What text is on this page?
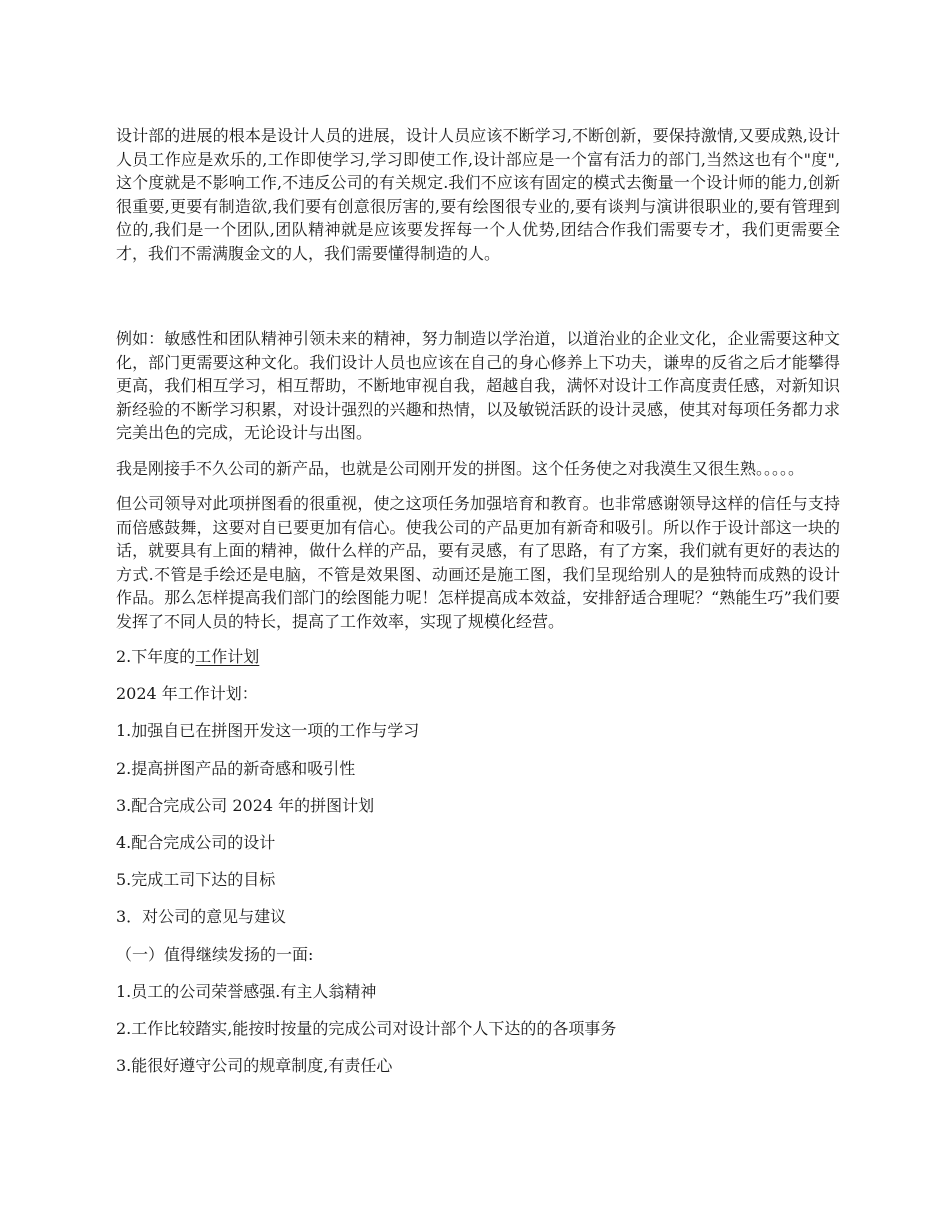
设计部的进展的根本是设计人员的进展，设计人员应该不断学习,不断创新，要保持激情,又要成熟,设计人员工作应是欢乐的,工作即使学习,学习即使工作,设计部应是一个富有活力的部门,当然这也有个"度",这个度就是不影响工作,不违反公司的有关规定.我们不应该有固定的模式去衡量一个设计师的能力,创新很重要,更要有制造欲,我们要有创意很厉害的,要有绘图很专业的,要有谈判与演讲很职业的,要有管理到位的,我们是一个团队,团队精神就是应该要发挥每一个人优势,团结合作我们需要专才，我们更需要全才，我们不需满腹金文的人，我们需要懂得制造的人。

例如：敏感性和团队精神引领未来的精神，努力制造以学治道，以道治业的企业文化，企业需要这种文化，部门更需要这种文化。我们设计人员也应该在自己的身心修养上下功夫，谦卑的反省之后才能攀得更高，我们相互学习，相互帮助，不断地审视自我，超越自我，满怀对设计工作高度责任感，对新知识新经验的不断学习积累，对设计强烈的兴趣和热情，以及敏锐活跃的设计灵感，使其对每项任务都力求完美出色的完成，无论设计与出图。

我是刚接手不久公司的新产品，也就是公司刚开发的拼图。这个任务使之对我漠生又很生熟。。。。。

但公司领导对此项拼图看的很重视，使之这项任务加强培育和教育。也非常感谢领导这样的信任与支持而倍感鼓舞，这要对自已要更加有信心。使我公司的产品更加有新奇和吸引。所以作于设计部这一块的话，就要具有上面的精神，做什么样的产品，要有灵感，有了思路，有了方案，我们就有更好的表达的方式.不管是手绘还是电脑，不管是效果图、动画还是施工图，我们呈现给别人的是独特而成熟的设计作品。那么怎样提高我们部门的绘图能力呢！怎样提高成本效益，安排舒适合理呢？“熟能生巧”我们要发挥了不同人员的特长，提高了工作效率，实现了规模化经营。

2.下年度的工作计划

2024 年工作计划：

1.加强自已在拼图开发这一项的工作与学习

2.提高拼图产品的新奇感和吸引性

3.配合完成公司 2024 年的拼图计划

4.配合完成公司的设计

5.完成工司下达的目标

3．对公司的意见与建议

（一）值得继续发扬的一面:

1.员工的公司荣誉感强.有主人翁精神

2.工作比较踏实,能按时按量的完成公司对设计部个人下达的的各项事务

3.能很好遵守公司的规章制度,有责任心
